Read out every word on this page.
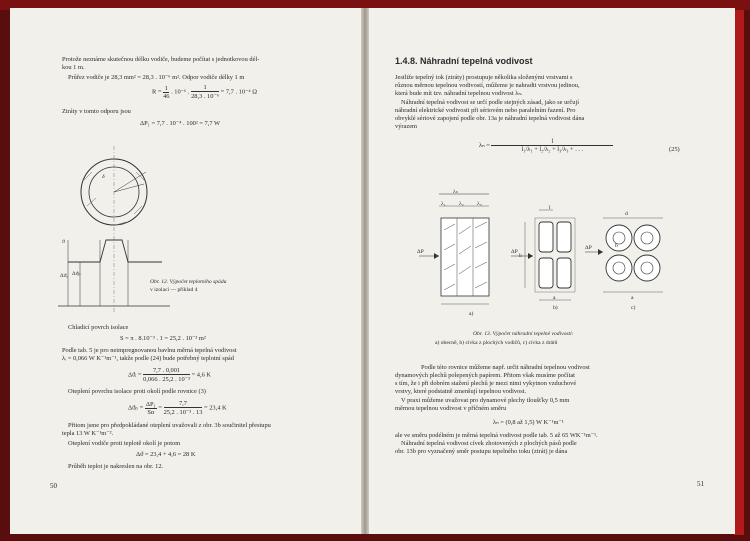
Protože neznáme skutečnou délku vodiče, budeme počítat s jednotkovou dél-
kou 1 m.
Průřez vodiče je 28,3 mm² = 28,3 . 10⁻⁶ m². Odpor vodiče délky 1 m
$R = \frac{1}{46}$ . 10⁻⁶ . $\frac{1}{\text{28,3 . 10⁻⁶}} = 7,7$ . 10⁻⁴ Ω
Ztráty v tomto odporu jsou
ΔP₁ = 7,7 . 10⁻⁴ . 100² = 7,7 W
δ
ϑ
Δϑₐ Δϑₚ
Obr. 12. Výpočet teplotního spádu
v izolaci — příklad 4
Chladicí povrch isolace
S = π . 8.10⁻³ . 1 = 25,2 . 10⁻³ m²
Podle tab. 5 je pro neimpregnovanou bavlnu měrná tepelná vodivost
λᵢ = 0,066 W K⁻¹m⁻¹, takže podle (24) bude potřebný teplotní spád
Δϑᵢ = $\frac{7,7 . 0,001}{\text{0,066 . 25,2 . 10⁻³}} = 4,6$ K
Oteplení povrchu isolace proti okolí podle rovnice (3)
$\Delta ϑ_p = \frac{\text{ΔP₁}}{S\alpha} = \frac{7,7}{\text{25,2 . 10⁻³ . 13}} = 23,4$ K
Přitom jsme pro předpokládané oteplení uvažovali z obr. 3b součinitel přestupu
tepla 13 W K⁻¹m⁻².
Oteplení vodiče proti teplotě okolí je potom
Δϑ = 23,4 + 4,6 = 28 K
Průběh teplot je nakreslen na obr. 12.
50
1.4.8. Náhradní tepelná vodivost
Jestliže tepelný tok (ztráty) prostupuje několika složenými vrstvami s
různou měrnou tepelnou vodivostí, můžeme je nahradit vrstvou jedinou,
která bude mít tzv. náhradní tepelnou vodivost λₙ.
Náhradní tepelná vodivost se určí podle stejných zásad, jako se určují
náhradní elektrické vodivosti při sériovém nebo paralelním řazení. Pro
obvyklé sériové zapojení podle obr. 13a je náhradní tepelná vodivost dána
výrazem
$\lambda_n = \frac{l}{\text{l₁/λ₁ + l₂/λ₂ + l₃/λ₃ + . . .}}$	(25)
λₙ
λ₁ λ₂ λ₃
ΔP	ΔP
ΔP
b
l
a
d
b
a
a)
b)	c)
Obr. 13. Výpočet náhradní tepelné vodivosti:
a) obecně, b) cívka z plochých vodičů, c) cívka z drátů
Podle této rovnice můžeme např. určit náhradní tepelnou vodivost
dynamových plechů polepených papírem. Přitom však musíme počítat
s tím, že i při dobrém stažení plechů je mezi nimi vykytnon vzduchové
vrstvy, které podstatně zmenšují tepelnou vodivost.
V praxi můžeme uvažovat pro dynamové plechy tloušťky 0,5 mm
měrnou tepelnou vodivost v příčném směru
λₙ = (0,8 až 1,5) W K⁻¹m⁻¹
ale ve směru podélném je měrná tepelná vodivost podle tab. 5 až 65 WK⁻¹m⁻¹.
Náhradní tepelná vodivost cívek zhotovených z plochých pásů podle
obr. 13b pro vyznačený směr postupu tepelného toku (ztrát) je dána
51
